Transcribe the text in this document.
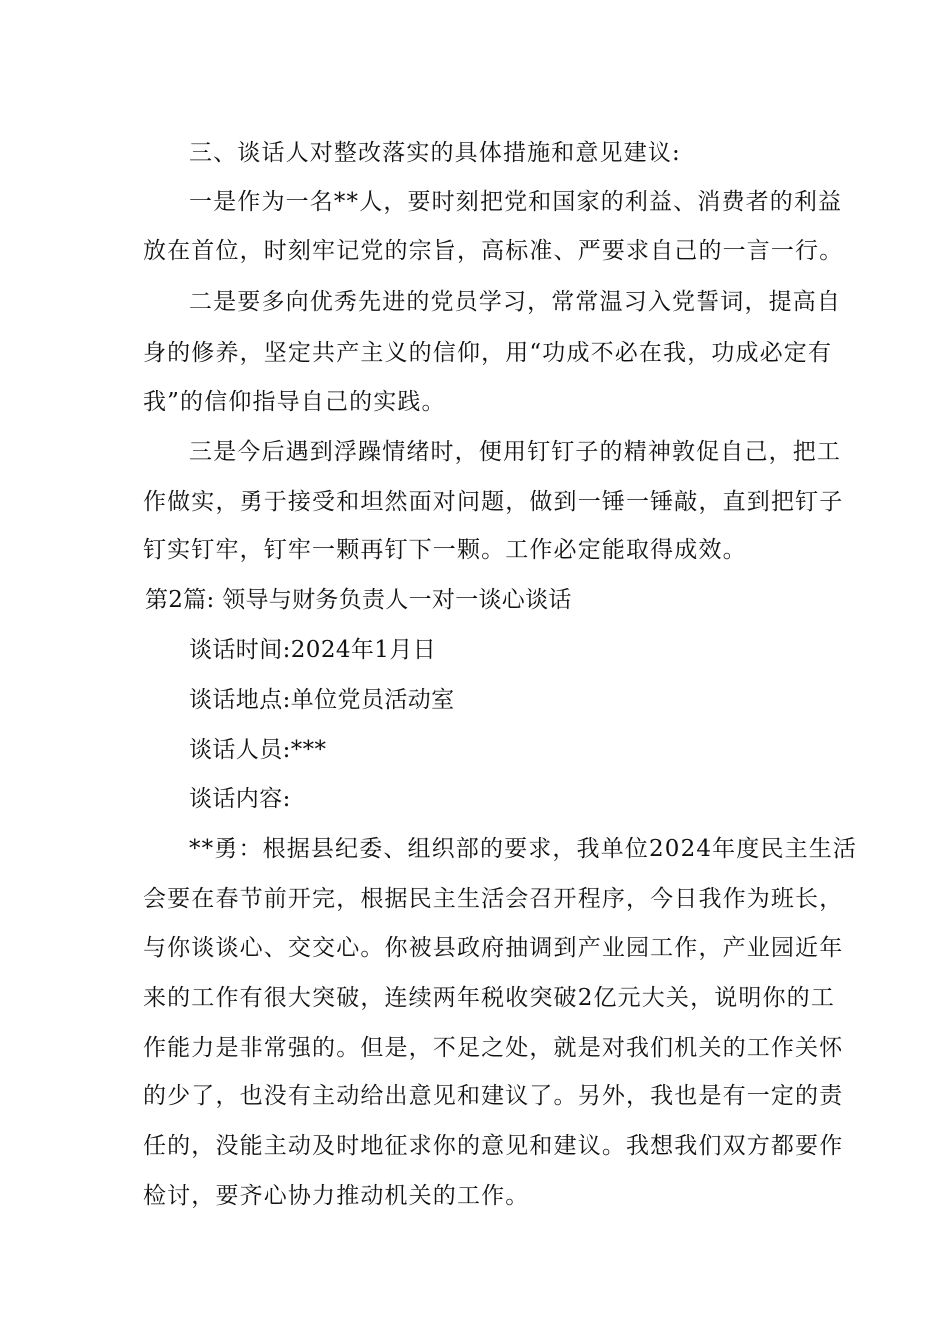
三、谈话人对整改落实的具体措施和意见建议:
一是作为一名**人，要时刻把党和国家的利益、消费者的利益
放在首位，时刻牢记党的宗旨，高标准、严要求自己的一言一行。
二是要多向优秀先进的党员学习，常常温习入党誓词，提高自
身的修养，坚定共产主义的信仰，用“功成不必在我，功成必定有
我”的信仰指导自己的实践。
三是今后遇到浮躁情绪时，便用钉钉子的精神敦促自己，把工
作做实，勇于接受和坦然面对问题，做到一锤一锤敲，直到把钉子
钉实钉牢，钉牢一颗再钉下一颗。工作必定能取得成效。
第2篇: 领导与财务负责人一对一谈心谈话
谈话时间:2024年1月日
谈话地点:单位党员活动室
谈话人员:***
谈话内容:
**勇：根据县纪委、组织部的要求，我单位2024年度民主生活
会要在春节前开完，根据民主生活会召开程序，今日我作为班长，
与你谈谈心、交交心。你被县政府抽调到产业园工作，产业园近年
来的工作有很大突破，连续两年税收突破2亿元大关，说明你的工
作能力是非常强的。但是，不足之处，就是对我们机关的工作关怀
的少了，也没有主动给出意见和建议了。另外，我也是有一定的责
任的，没能主动及时地征求你的意见和建议。我想我们双方都要作
检讨，要齐心协力推动机关的工作。
